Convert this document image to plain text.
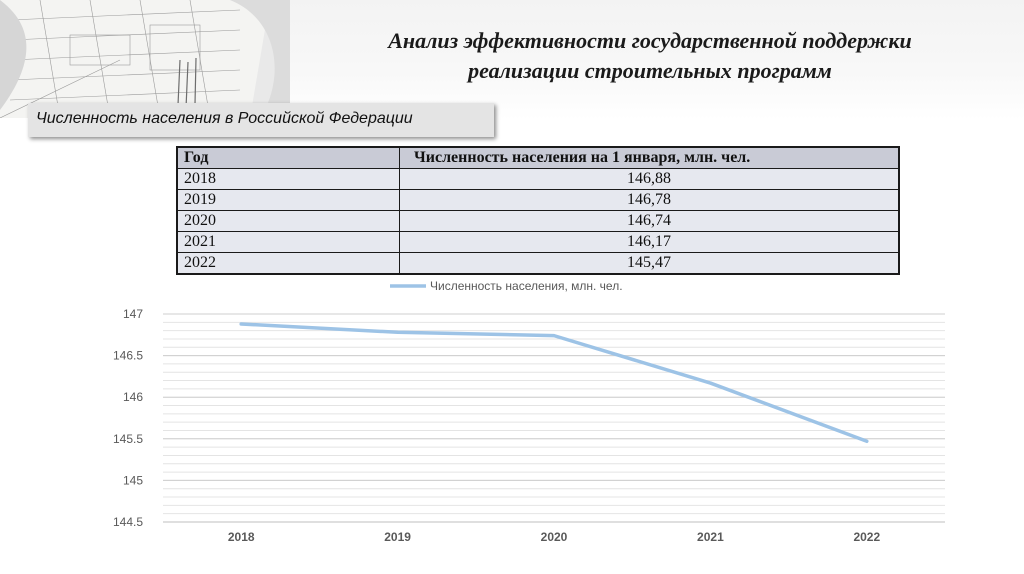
Анализ эффективности государственной поддержки
реализации строительных программ
Численность населения в Российской Федерации
Год	Численность населения на 1 января, млн. чел.
2018	146,88
2019	146,78
2020	146,74
2021	146,17
2022	145,47
147
146.5
146
145.5
145
144.5
2018	2019	2020	2021	2022
Численность населения, млн. чел.
